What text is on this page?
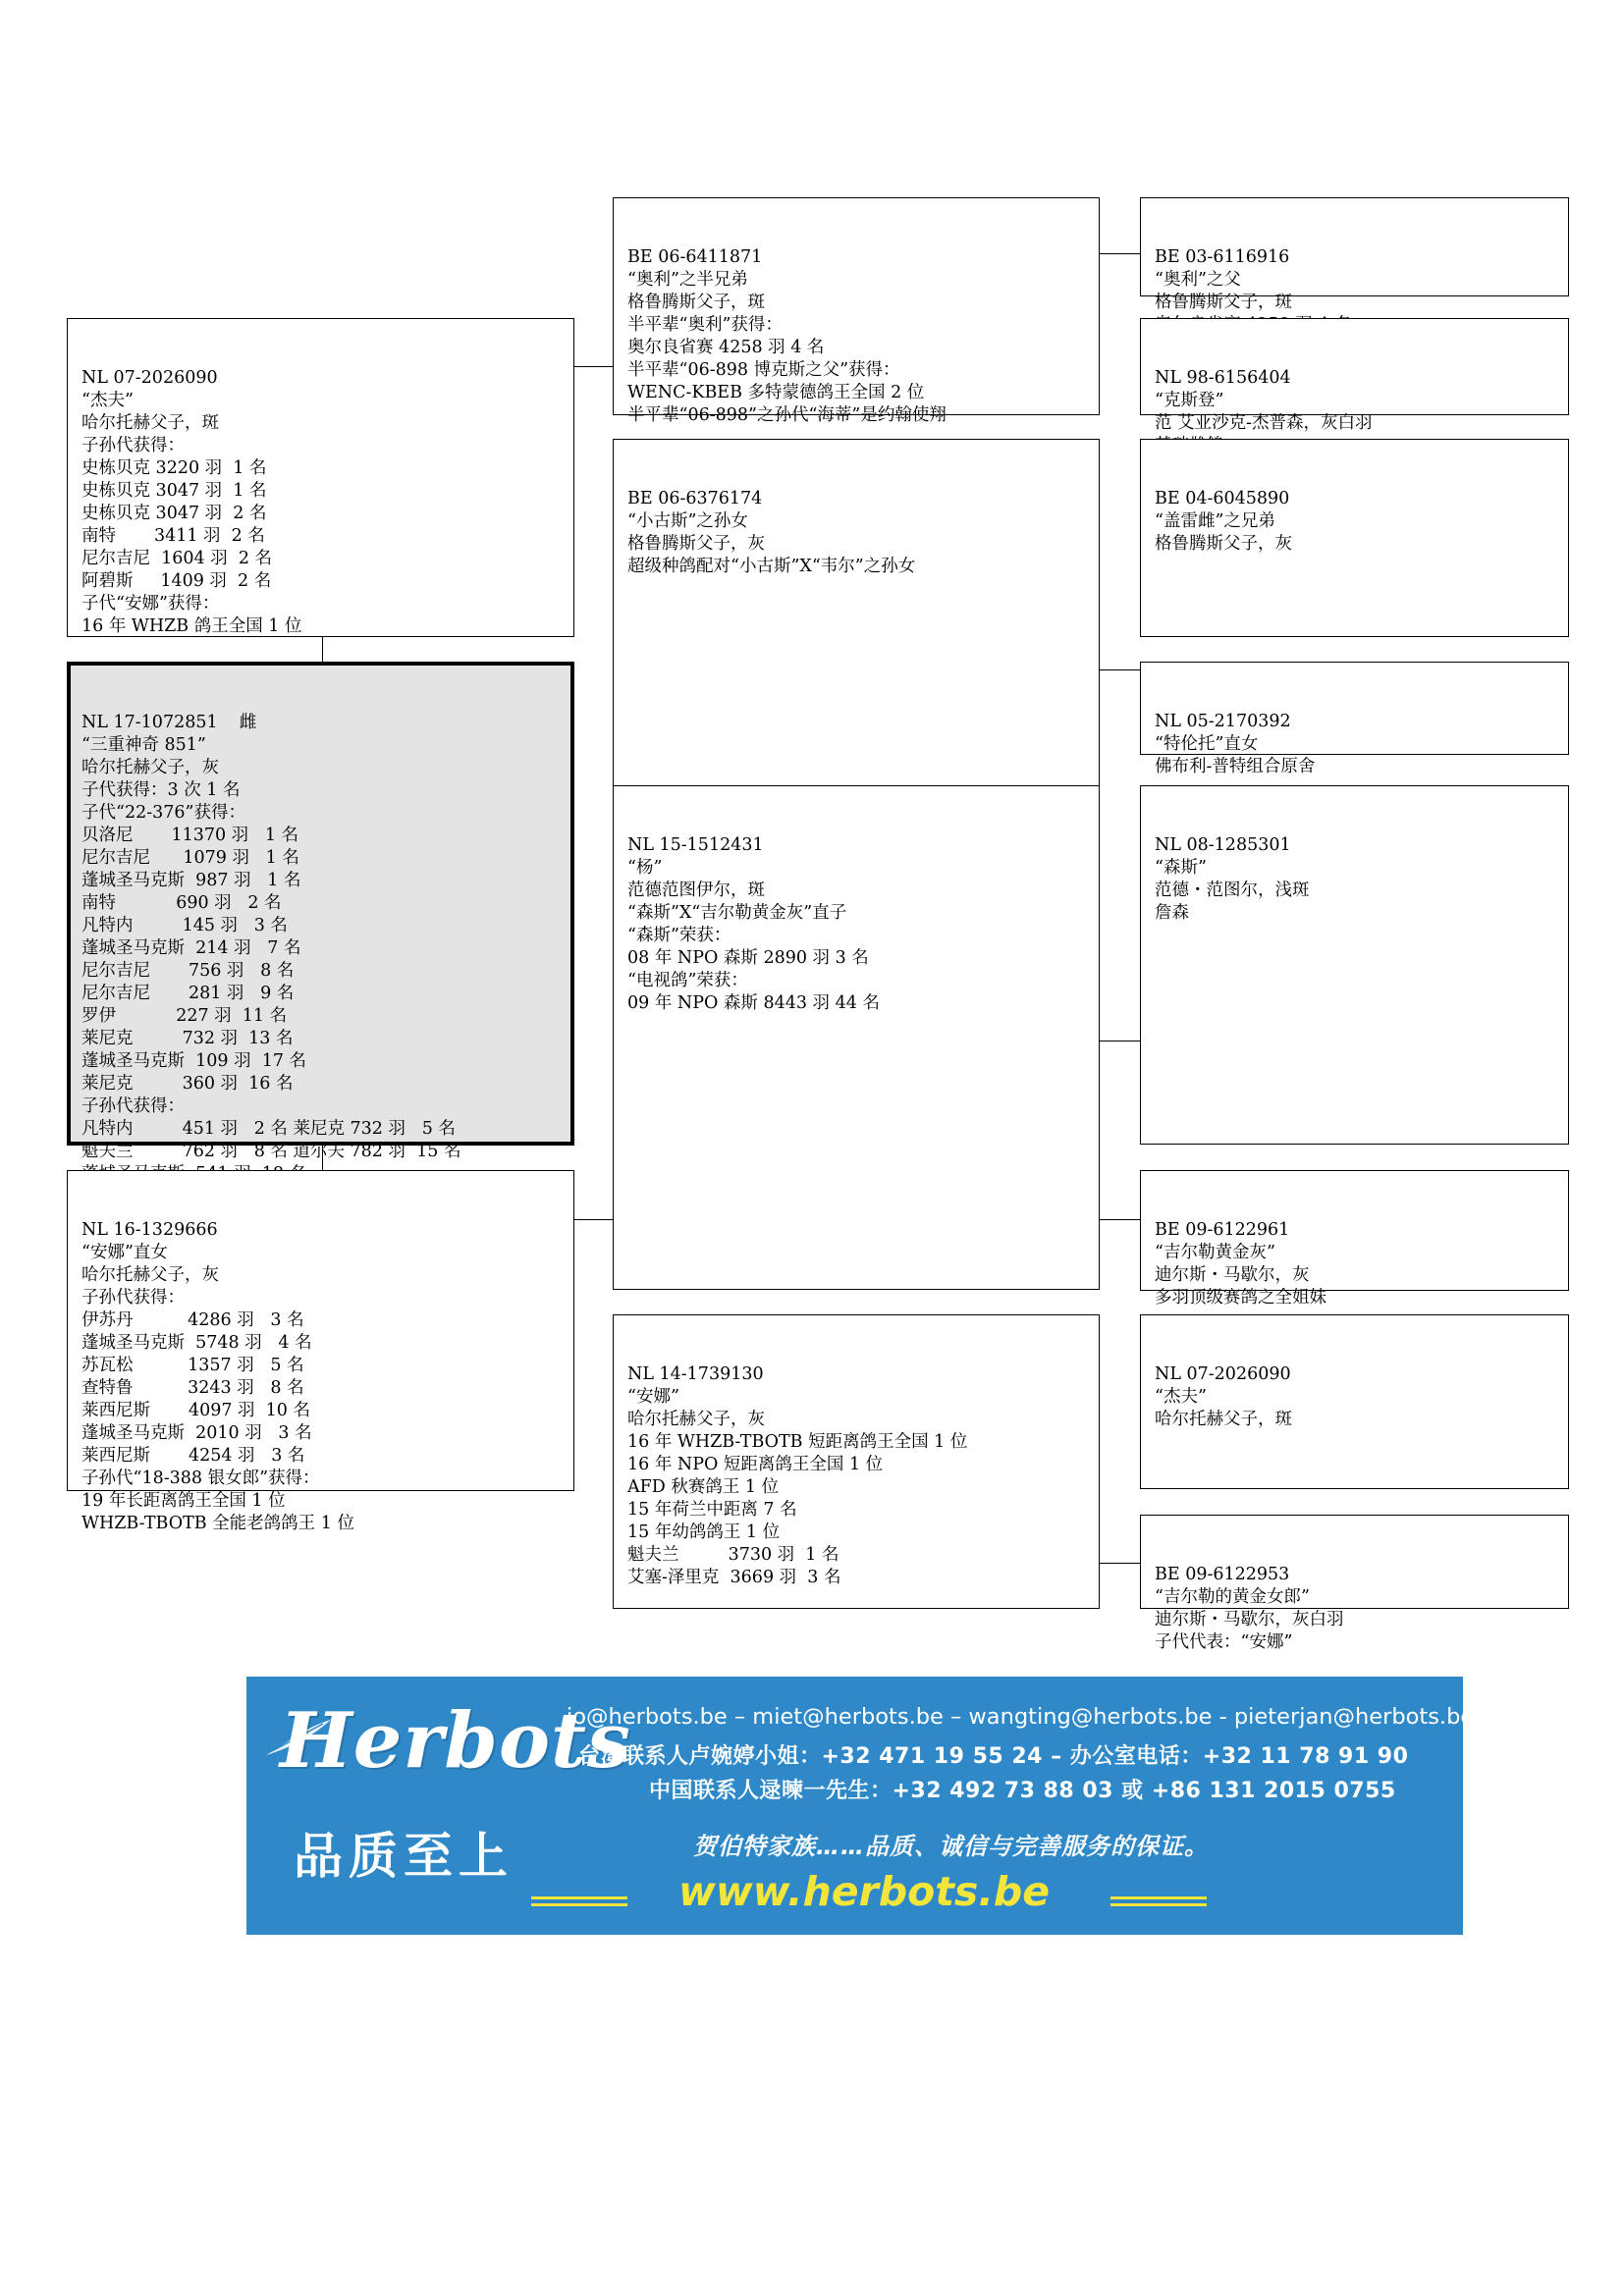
NL 07-2026090
“杰夫”
哈尔托赫父子，斑
子孙代获得：
史栋贝克 3220 羽  1 名
史栋贝克 3047 羽  1 名
史栋贝克 3047 羽  2 名
南特       3411 羽  2 名
尼尔吉尼  1604 羽  2 名
阿碧斯     1409 羽  2 名
子代“安娜”获得：
16 年 WHZB 鸽王全国 1 位

NL 17-1072851    雌
“三重神奇 851”
哈尔托赫父子，灰
子代获得：3 次 1 名
子代“22-376”获得：
贝洛尼       11370 羽   1 名
尼尔吉尼      1079 羽   1 名
蓬城圣马克斯  987 羽   1 名
南特           690 羽   2 名
凡特内         145 羽   3 名
蓬城圣马克斯  214 羽   7 名
尼尔吉尼       756 羽   8 名
尼尔吉尼       281 羽   9 名
罗伊           227 羽  11 名
莱尼克         732 羽  13 名
蓬城圣马克斯  109 羽  17 名
莱尼克         360 羽  16 名
子孙代获得：
凡特内         451 羽   2 名 莱尼克 732 羽   5 名
魁夫兰         762 羽   8 名 道尔夫 782 羽  15 名

NL 16-1329666
“安娜”直女
哈尔托赫父子，灰
子孙代获得：
伊苏丹          4286 羽   3 名
蓬城圣马克斯  5748 羽   4 名
苏瓦松          1357 羽   5 名
查特鲁          3243 羽   8 名
莱西尼斯       4097 羽  10 名
蓬城圣马克斯  2010 羽   3 名
莱西尼斯       4254 羽   3 名
子孙代“18-388 银女郎”获得：
19 年长距离鸽王全国 1 位
WHZB-TBOTB 全能老鸽鸽王 1 位

BE 06-6411871
“奥利”之半兄弟
格鲁腾斯父子，斑
半平辈“奥利”获得：
奥尔良省赛 4258 羽 4 名
半平辈“06-898 博克斯之父”获得：
WENC-KBEB 多特蒙德鸽王全国 2 位
半平辈“06-898”之孙代“海蒂”是约翰使翔

BE 06-6376174
“小古斯”之孙女
格鲁腾斯父子，灰
超级种鸽配对“小古斯”X“韦尔”之孙女

NL 15-1512431
“杨”
范德范图伊尔，斑
“森斯”X“吉尔勒黄金灰”直子
“森斯”荣获：
08 年 NPO 森斯 2890 羽 3 名
“电视鸽”荣获：
09 年 NPO 森斯 8443 羽 44 名

NL 14-1739130
“安娜”
哈尔托赫父子，灰
16 年 WHZB-TBOTB 短距离鸽王全国 1 位
16 年 NPO 短距离鸽王全国 1 位
AFD 秋赛鸽王 1 位
15 年荷兰中距离 7 名
15 年幼鸽鸽王 1 位
魁夫兰         3730 羽  1 名
艾塞-泽里克  3669 羽  3 名

BE 03-6116916
“奥利”之父
格鲁腾斯父子，斑

NL 98-6156404
“克斯登”
范 艾亚沙克-杰普森，灰白羽

BE 04-6045890
“盖雷雌”之兄弟
格鲁腾斯父子，灰

NL 05-2170392
“特伦托”直女
佛布利-普特组合原舍

NL 08-1285301
“森斯”
范德・范图尔，浅斑
詹森

BE 09-6122961
“吉尔勒黄金灰”
迪尔斯・马歇尔，灰
多羽顶级赛鸽之全姐妹

NL 07-2026090
“杰夫”
哈尔托赫父子，斑

BE 09-6122953
“吉尔勒的黄金女郎”
迪尔斯・马歇尔，灰白羽
子代代表：“安娜”

Herbots
品质至上
jo@herbots.be – miet@herbots.be – wangting@herbots.be - pieterjan@herbots.be
台湾联系人卢婉婷小姐：+32 471 19 55 24 – 办公室电话：+32 11 78 91 90
中国联系人逯暕一先生：+32 492 73 88 03 或 +86 131 2015 0755
贺伯特家族……品质、诚信与完善服务的保证。
www.herbots.be
